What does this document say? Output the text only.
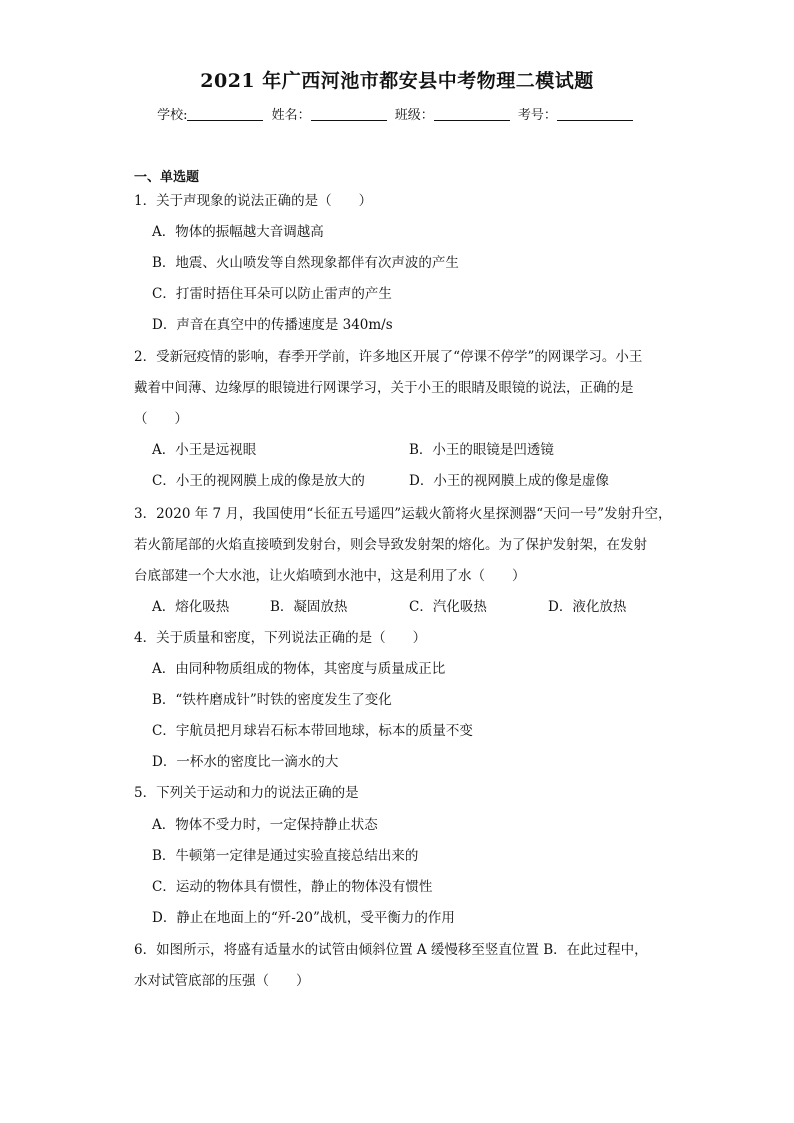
2021 年广西河池市都安县中考物理二模试题
学校:	姓名：	班级：	考号：
一、单选题
1．关于声现象的说法正确的是（　　）
A．物体的振幅越大音调越高
B．地震、火山喷发等自然现象都伴有次声波的产生
C．打雷时捂住耳朵可以防止雷声的产生
D．声音在真空中的传播速度是 340m/s
2．受新冠疫情的影响，春季开学前，许多地区开展了“停课不停学”的网课学习。小王
戴着中间薄、边缘厚的眼镜进行网课学习，关于小王的眼睛及眼镜的说法，正确的是
（　　）
A．小王是远视眼	B．小王的眼镜是凹透镜
C．小王的视网膜上成的像是放大的	D．小王的视网膜上成的像是虚像
3．2020 年 7 月，我国使用“长征五号遥四”运载火箭将火星探测器“天问一号”发射升空，
若火箭尾部的火焰直接喷到发射台，则会导致发射架的熔化。为了保护发射架，在发射
台底部建一个大水池，让火焰喷到水池中，这是利用了水（　　）
A．熔化吸热	B．凝固放热	C．汽化吸热	D．液化放热
4．关于质量和密度，下列说法正确的是（　　）
A．由同种物质组成的物体，其密度与质量成正比
B．“铁杵磨成针”时铁的密度发生了变化
C．宇航员把月球岩石标本带回地球，标本的质量不变
D．一杯水的密度比一滴水的大
5．下列关于运动和力的说法正确的是
A．物体不受力时，一定保持静止状态
B．牛顿第一定律是通过实验直接总结出来的
C．运动的物体具有惯性，静止的物体没有惯性
D．静止在地面上的“歼-20”战机，受平衡力的作用
6．如图所示，将盛有适量水的试管由倾斜位置 A 缓慢移至竖直位置 B．在此过程中，
水对试管底部的压强（　　）
